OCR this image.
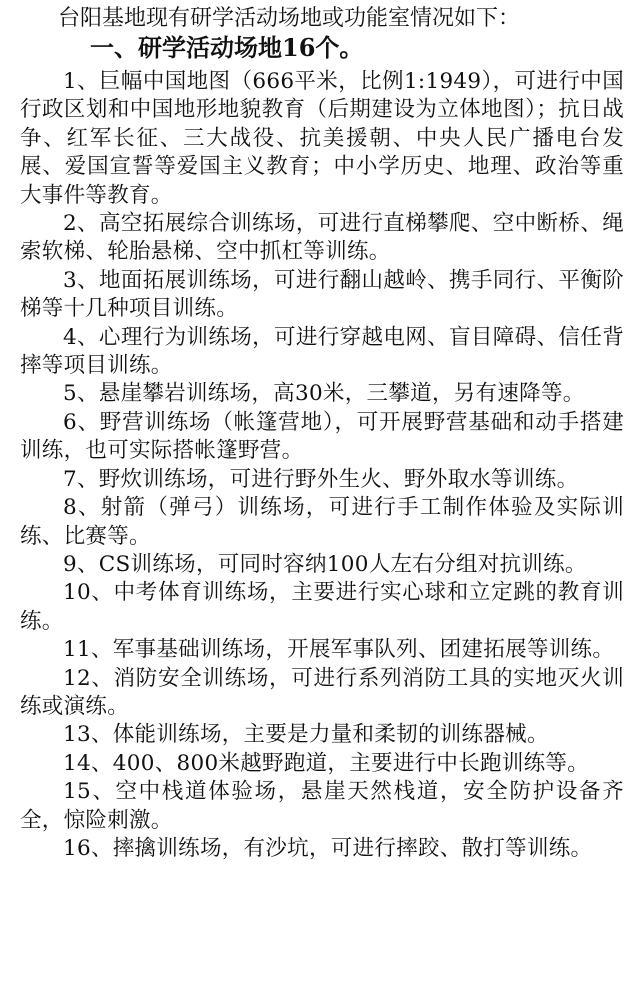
台阳基地现有研学活动场地或功能室情况如下：

一、研学活动场地16个。

1、巨幅中国地图（666平米，比例1:1949），可进行中国行政区划和中国地形地貌教育（后期建设为立体地图）；抗日战争、红军长征、三大战役、抗美援朝、中央人民广播电台发展、爱国宣誓等爱国主义教育；中小学历史、地理、政治等重大事件等教育。

2、高空拓展综合训练场，可进行直梯攀爬、空中断桥、绳索软梯、轮胎悬梯、空中抓杠等训练。

3、地面拓展训练场，可进行翻山越岭、携手同行、平衡阶梯等十几种项目训练。

4、心理行为训练场，可进行穿越电网、盲目障碍、信任背摔等项目训练。

5、悬崖攀岩训练场，高30米，三攀道，另有速降等。

6、野营训练场（帐篷营地），可开展野营基础和动手搭建训练，也可实际搭帐篷野营。

7、野炊训练场，可进行野外生火、野外取水等训练。

8、射箭（弹弓）训练场，可进行手工制作体验及实际训练、比赛等。

9、CS训练场，可同时容纳100人左右分组对抗训练。

10、中考体育训练场，主要进行实心球和立定跳的教育训练。

11、军事基础训练场，开展军事队列、团建拓展等训练。

12、消防安全训练场，可进行系列消防工具的实地灭火训练或演练。

13、体能训练场，主要是力量和柔韧的训练器械。

14、400、800米越野跑道，主要进行中长跑训练等。

15、空中栈道体验场，悬崖天然栈道，安全防护设备齐全，惊险刺激。

16、摔擒训练场，有沙坑，可进行摔跤、散打等训练。
